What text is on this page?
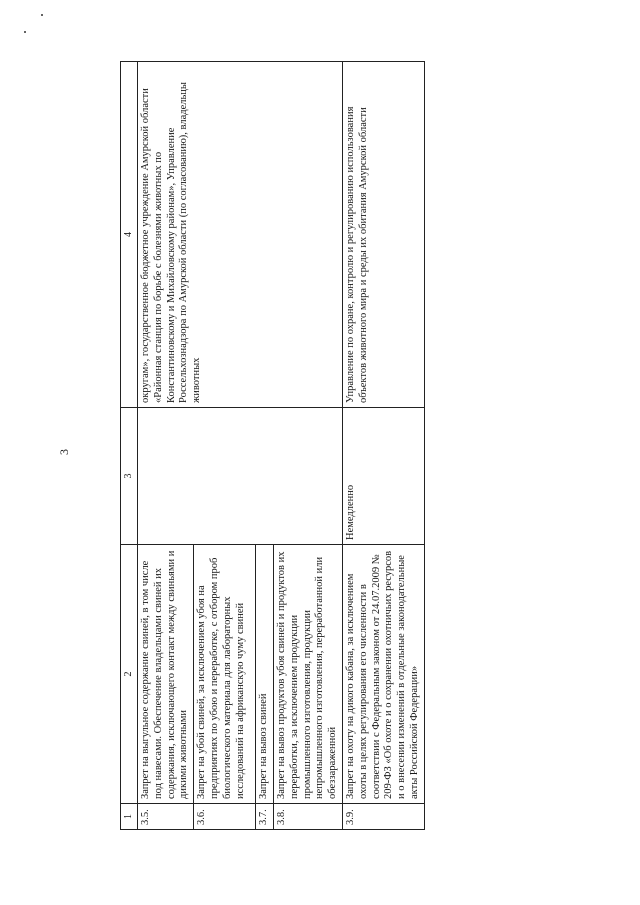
3
1	2	3	4
3.5.	Запрет на выгульное содержание свиней, в том числе под навесами. Обеспечение владельцами свиней их содержания, исключающего контакт между свиньями и дикими животными		округам», государственное бюджетное учреждение Амурской области «Районная станция по борьбе с болезнями животных по Константиновскому и Михайловскому районам», Управление Россельхознадзора по Амурской области (по согласованию), владельцы животных
3.6.	Запрет на убой свиней, за исключением убоя на предприятиях по убою и переработке, с отбором проб биологического материала для лабораторных исследований на африканскую чуму свиней		
3.7.	Запрет на вывоз свиней		
3.8.	Запрет на вывоз продуктов убоя свиней и продуктов их переработки, за исключением продукции промышленного изготовления, продукции непромышленного изготовления, переработанной или обеззараженной		
3.9.	Запрет на охоту на дикого кабана, за исключением охоты в целях регулирования его численности в соответствии с Федеральным законом от 24.07.2009 № 209-ФЗ «Об охоте и о сохранении охотничьих ресурсов и о внесении изменений в отдельные законодательные акты Российской Федерации»	Немедленно	Управление по охране, контролю и регулированию использования объектов животного мира и среды их обитания Амурской области
